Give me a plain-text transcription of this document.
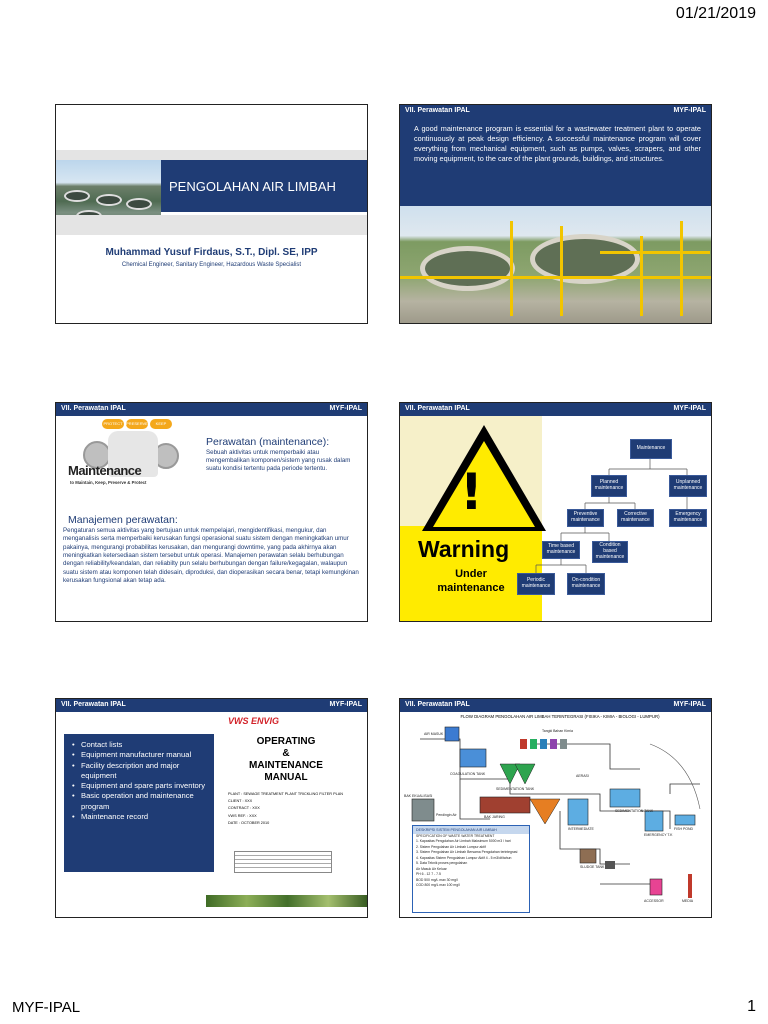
01/21/2019
PENGOLAHAN AIR LIMBAH
Muhammad Yusuf Firdaus, S.T., Dipl. SE, IPP
Chemical Engineer, Sanitary Engineer, Hazardous Waste Specialist
VII. Perawatan IPAL	MYF-IPAL
A good maintenance program is essential for a wastewater treatment plant to operate continuously at peak design efficiency. A successful maintenance program will cover everything from mechanical equipment, such as pumps, valves, scrapers, and other moving equipment, to the care of the plant grounds, buildings, and structures.
VII. Perawatan IPAL	MYF-IPAL
PROTECT PRESERVE	KEEP
Maintenance
to Maintain, Keep, Preserve & Protect
Perawatan (maintenance):
Sebuah aktivitas untuk memperbaiki atau mengembalikan komponen/sistem yang rusak dalam suatu kondisi tertentu pada periode tertentu.
Manajemen perawatan:
Pengaturan semua aktivitas yang bertujuan untuk mempelajari, mengidentifikasi, mengukur, dan menganalisis serta memperbaiki kerusakan fungsi operasional suatu sistem dengan meningkatkan umur pakainya, mengurangi probabilitas kerusakan, dan mengurangi downtime, yang pada akhirnya akan meningkatkan ketersediaan sistem tersebut untuk operasi. Manajemen perawatan selalu berhubungan dengan reliability/keandalan, dan reliabilty pun selalu berhubungan dengan failure/kegagalan, walaupun suatu sistem atau komponen telah didesain, diproduksi, dan dioperasikan secara benar, tetapi kemungkinan kerusakan fungsional akan tetap ada.
VII. Perawatan IPAL	MYF-IPAL
!
Warning
Under
maintenance
Maintenance
Planned maintenance
Unplanned maintenance
Preventive maintenance
Corrective maintenance
Emergency maintenance
Time based maintenance
Condition based maintenance
Periodic maintenance
On-condition maintenance
VII. Perawatan IPAL	MYF-IPAL
• Contact lists
• Equipment manufacturer manual
• Facility description and major equipment
• Equipment and spare parts inventory
• Basic operation and maintenance program
• Maintenance record
VWS ENVIG
OPERATING
&
MAINTENANCE
MANUAL
PLANT : SEWAGE TREATMENT PLANT TRICKLING FILTER PLAN
CLIENT : XXX
CONTRACT : XXX
VWS REF. : XXX
DATE : OCTOBER 2010
VII. Perawatan IPAL	MYF-IPAL
FLOW DIAGRAM PENGOLAHAN AIR LIMBAH TERINTEGRASI (FISIKA - KIMIA - BIOLOGI - LUMPUR)
AIR MASUK
Tangki Bahan Kimia
COAGULATION TANK	AERASI
SEDIMENTATION TANK
BAK EKUALISASI
Pendingin Air	BAK JARING
INTERMEDIATE
SLUDGE TANK
SEDIMENTATION TANK
EMERGENCY T.K
FISH POND
ACCESSOR	MEDIA
DESKRIPSI SISTEM PENGOLAHAN AIR LIMBAH

SPECIFICATION OF WASTE WATER TREATMENT

1. Kapasitas Pengolahan Air Limbah Maksimum 5000 m3 / hari

2. Sistem Pengolahan Air Limbah Lumpur aktif

3. Sistem Pengolahan Air Limbah Bersama Pengolahan terintegrasi

4. Kapasitas Sistem Pengolahan Lumpur Aktif 4 - 5 m3/dt/tahun

5. Data Teknik proses pengolahan

Air Masuk Air Keluar

PH 6 - 12 7 - 7.5

BOD 500 mg/L max 30 mg/l

COD 800 mg/L max 100 mg/l

MYF-IPAL	1
